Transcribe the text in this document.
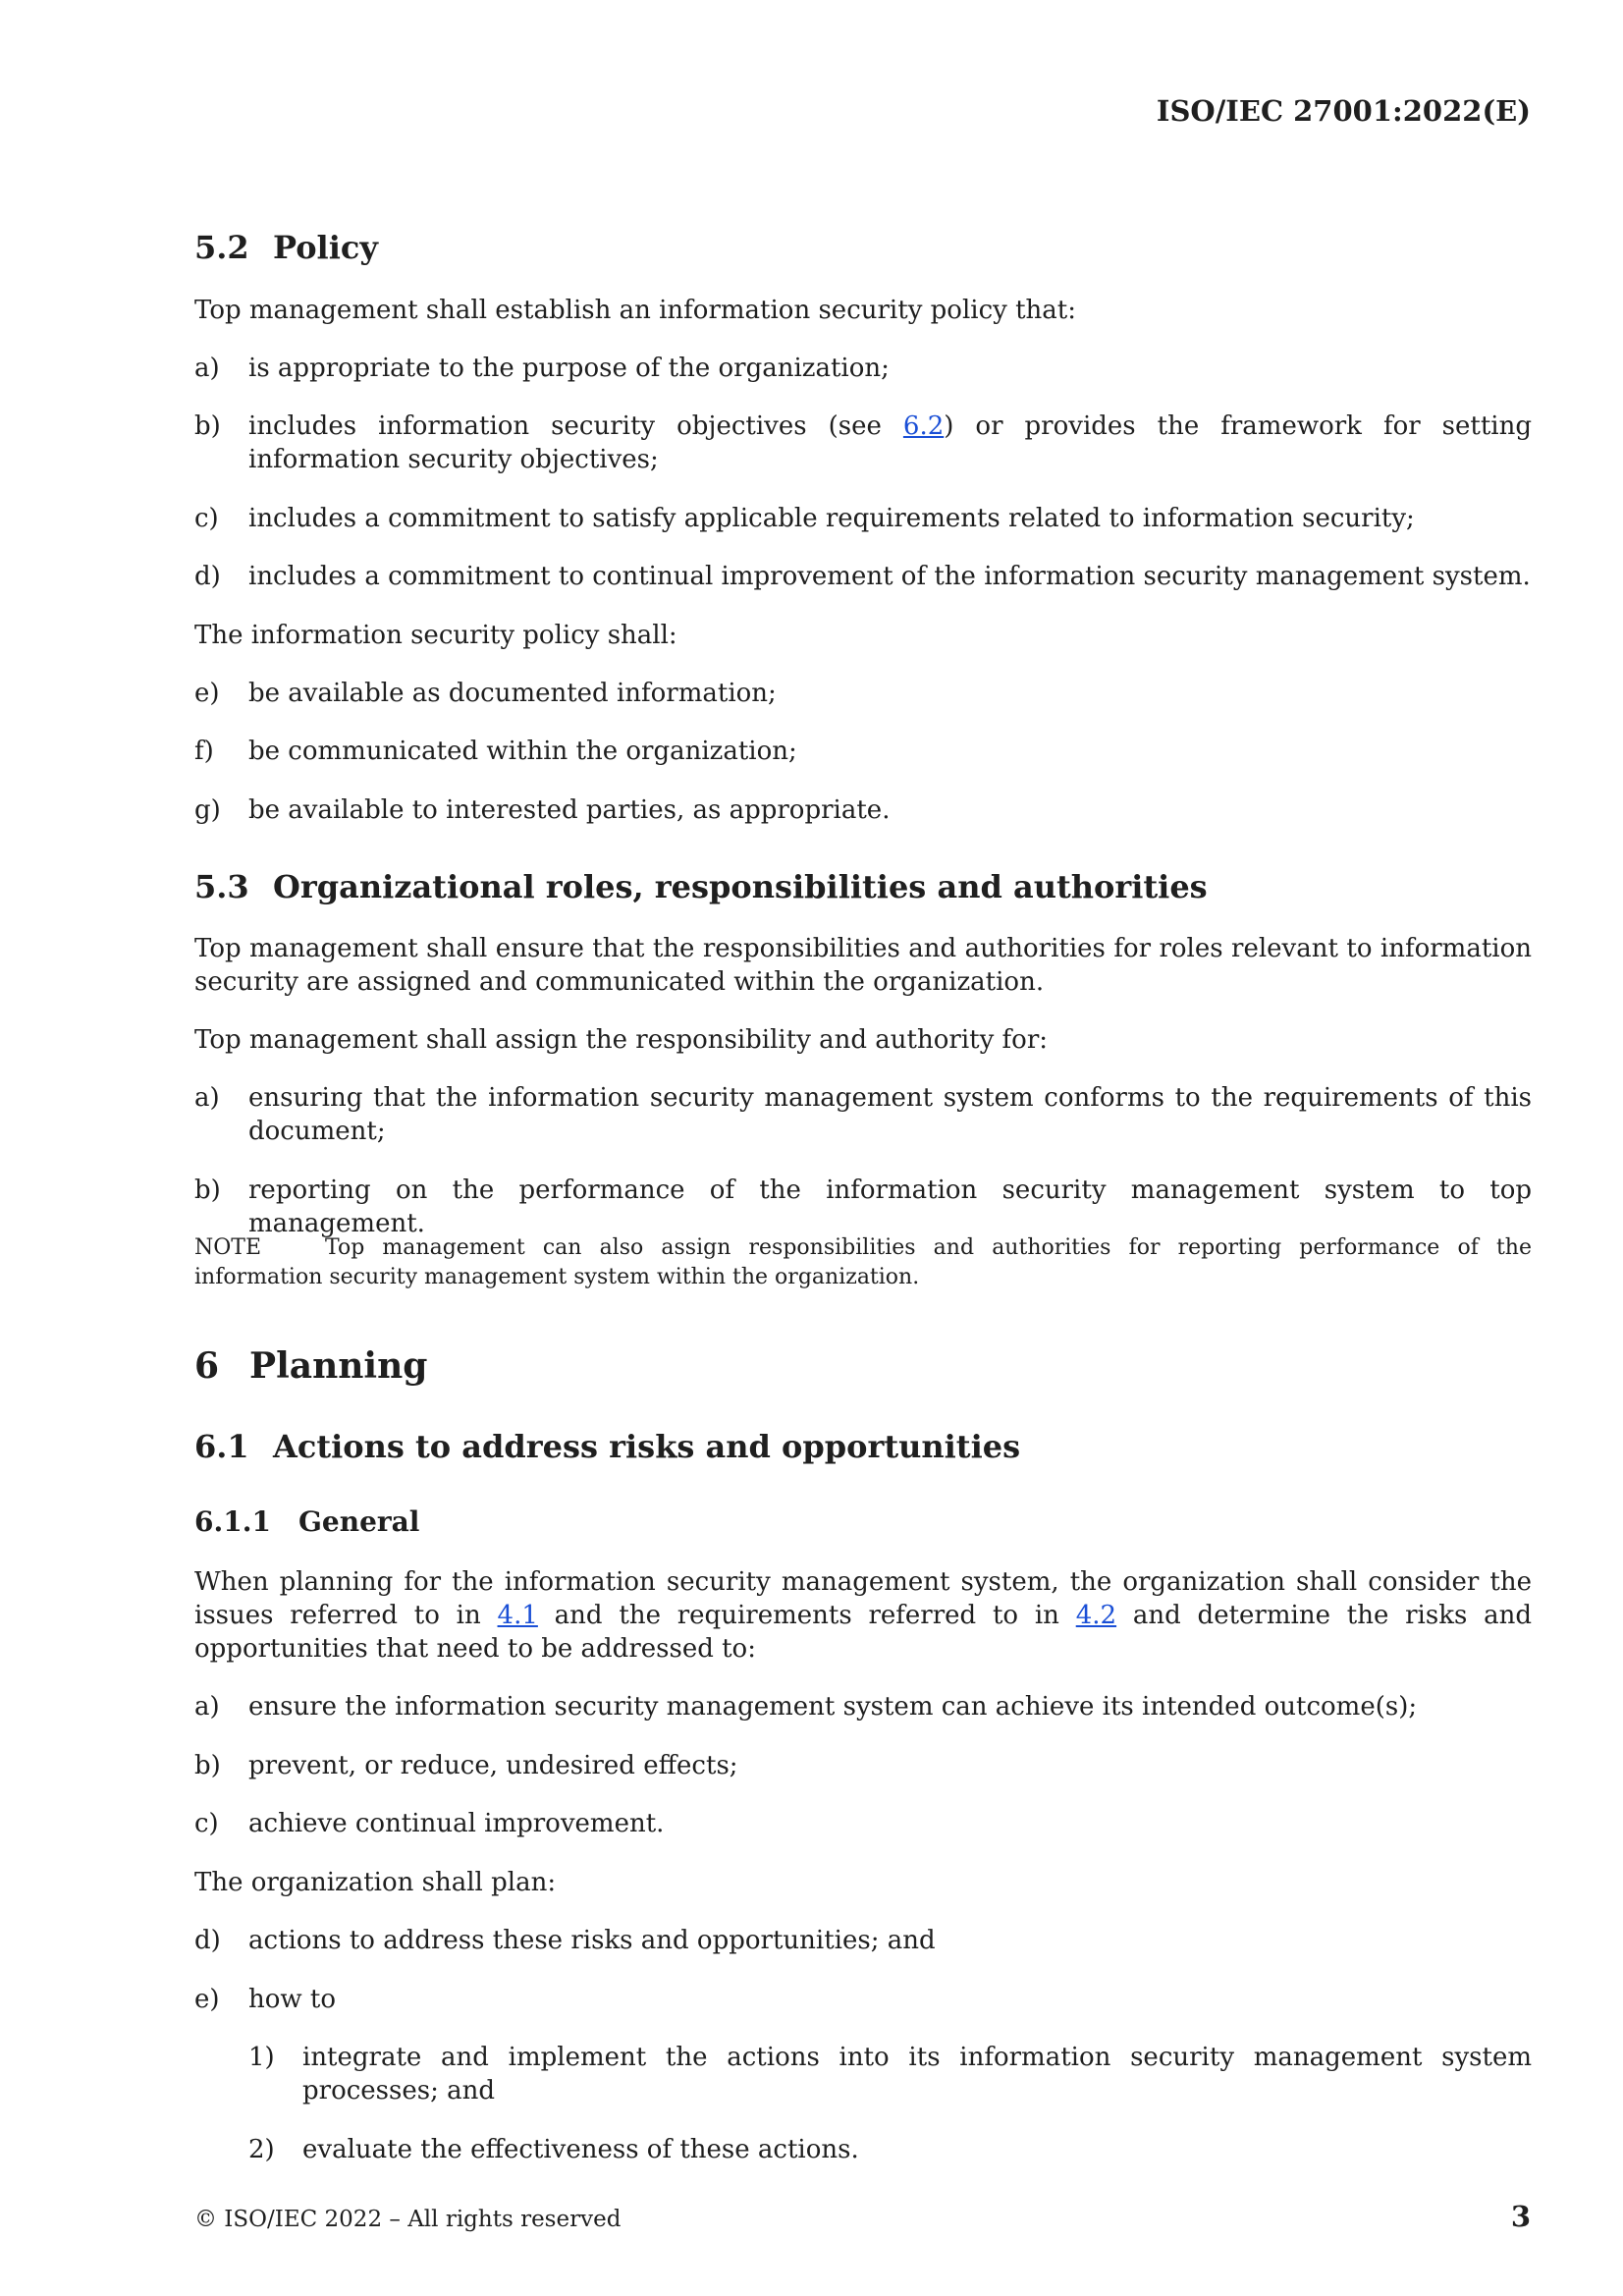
ISO/IEC 27001:2022(E)
5.2 Policy
Top management shall establish an information security policy that:
a)	is appropriate to the purpose of the organization;
b)	includes information security objectives (see 6.2) or provides the framework for setting information security objectives;
c)	includes a commitment to satisfy applicable requirements related to information security;
d)	includes a commitment to continual improvement of the information security management system.
The information security policy shall:
e)	be available as documented information;
f)	be communicated within the organization;
g)	be available to interested parties, as appropriate.
5.3 Organizational roles, responsibilities and authorities
Top management shall ensure that the responsibilities and authorities for roles relevant to information security are assigned and communicated within the organization.
Top management shall assign the responsibility and authority for:
a)	ensuring that the information security management system conforms to the requirements of this document;
b)	reporting on the performance of the information security management system to top management.
NOTE	Top management can also assign responsibilities and authorities for reporting performance of the information security management system within the organization.
6 Planning
6.1 Actions to address risks and opportunities
6.1.1 General
When planning for the information security management system, the organization shall consider the issues referred to in 4.1 and the requirements referred to in 4.2 and determine the risks and opportunities that need to be addressed to:
a)	ensure the information security management system can achieve its intended outcome(s);
b)	prevent, or reduce, undesired effects;
c)	achieve continual improvement.
The organization shall plan:
d)	actions to address these risks and opportunities; and
e)	how to
1)	integrate and implement the actions into its information security management system processes; and
2)	evaluate the effectiveness of these actions.
© ISO/IEC 2022 – All rights reserved	3
